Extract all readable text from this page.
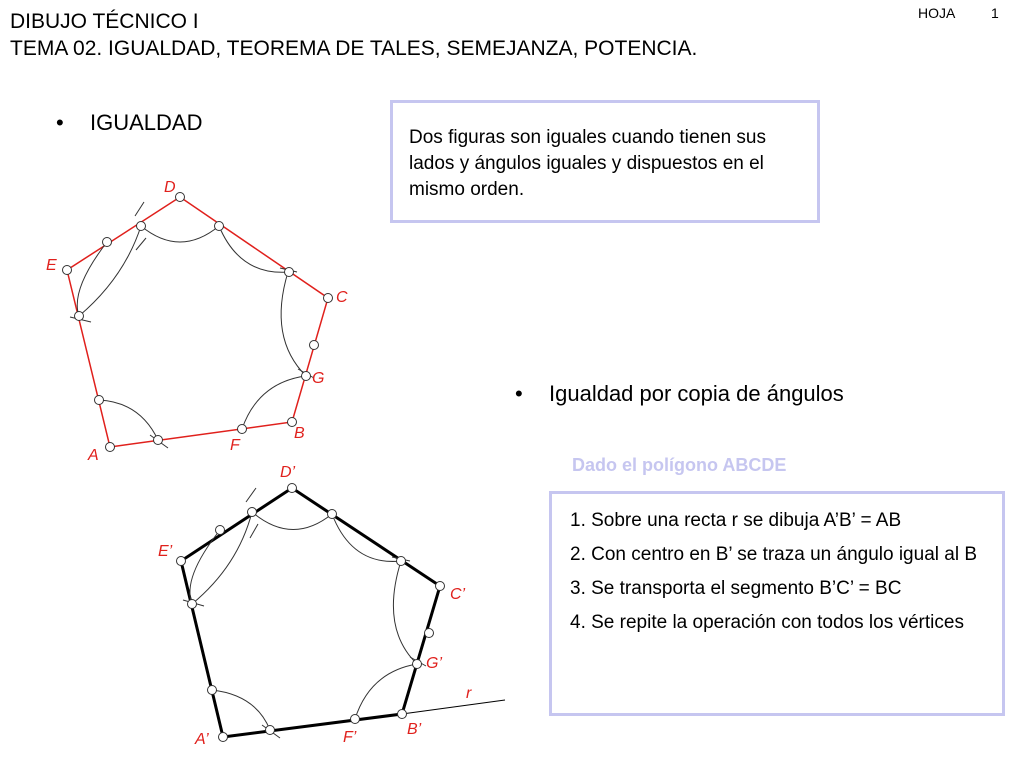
DIBUJO TÉCNICO I
TEMA 02. IGUALDAD, TEOREMA DE TALES, SEMEJANZA, POTENCIA.
HOJA	1
• IGUALDAD
Dos figuras son iguales cuando tienen sus lados y ángulos iguales y dispuestos en el mismo orden.
• Igualdad por copia de ángulos
Dado el polígono ABCDE
1. Sobre una recta r se dibuja A’B’ = AB
2. Con centro en B’ se traza un ángulo igual al B
3. Se transporta el segmento B’C’ = BC
4. Se repite la operación con todos los vértices
A
B
C
D
E
F
G
A’
B’
C’
D’
E’
F’
G’
r
